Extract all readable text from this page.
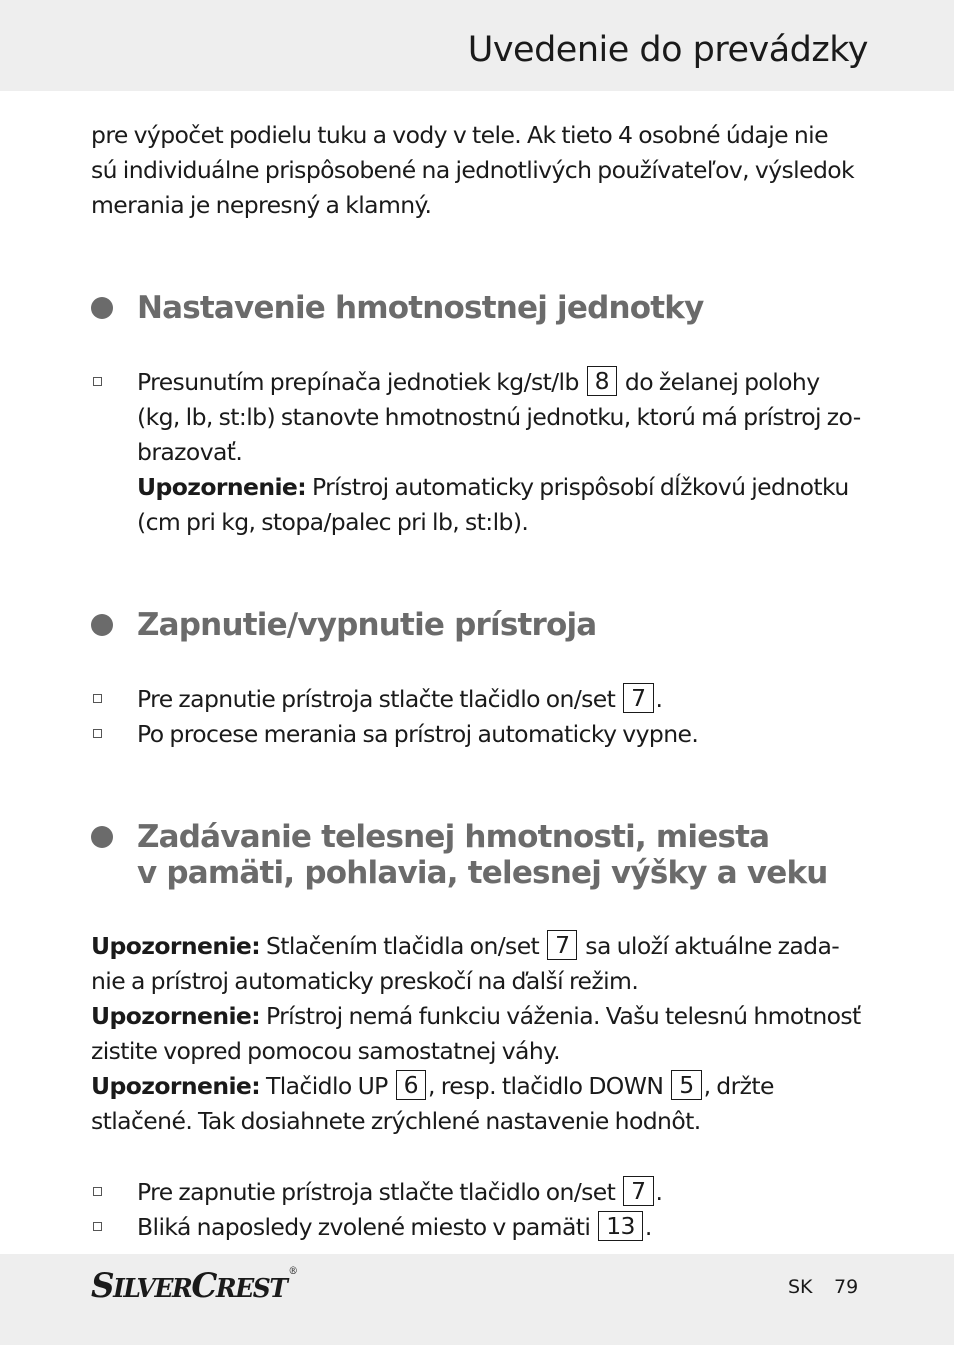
Uvedenie do prevádzky
pre výpočet podielu tuku a vody v tele. Ak tieto 4 osobné údaje nie
sú individuálne prispôsobené na jednotlivých používateľov, výsledok
merania je nepresný a klamný.
Nastavenie hmotnostnej jednotky
Presunutím prepínača jednotiek kg/st/lb 8 do želanej polohy
(kg, lb, st:lb) stanovte hmotnostnú jednotku, ktorú má prístroj zo-
brazovať.
Upozornenie: Prístroj automaticky prispôsobí dĺžkovú jednotku
(cm pri kg, stopa/palec pri lb, st:lb).
Zapnutie/vypnutie prístroja
Pre zapnutie prístroja stlačte tlačidlo on/set 7 .
Po procese merania sa prístroj automaticky vypne.
Zadávanie telesnej hmotnosti, miesta
v pamäti, pohlavia, telesnej výšky a veku
Upozornenie: Stlačením tlačidla on/set 7 sa uloží aktuálne zada-
nie a prístroj automaticky preskočí na ďalší režim.
Upozornenie: Prístroj nemá funkciu váženia. Vašu telesnú hmotnosť
zistite vopred pomocou samostatnej váhy.
Upozornenie: Tlačidlo UP 6 , resp. tlačidlo DOWN 5 , držte
stlačené. Tak dosiahnete zrýchlené nastavenie hodnôt.
Pre zapnutie prístroja stlačte tlačidlo on/set 7 .
Bliká naposledy zvolené miesto v pamäti 13 .
SILVERCREST®
SK 79
